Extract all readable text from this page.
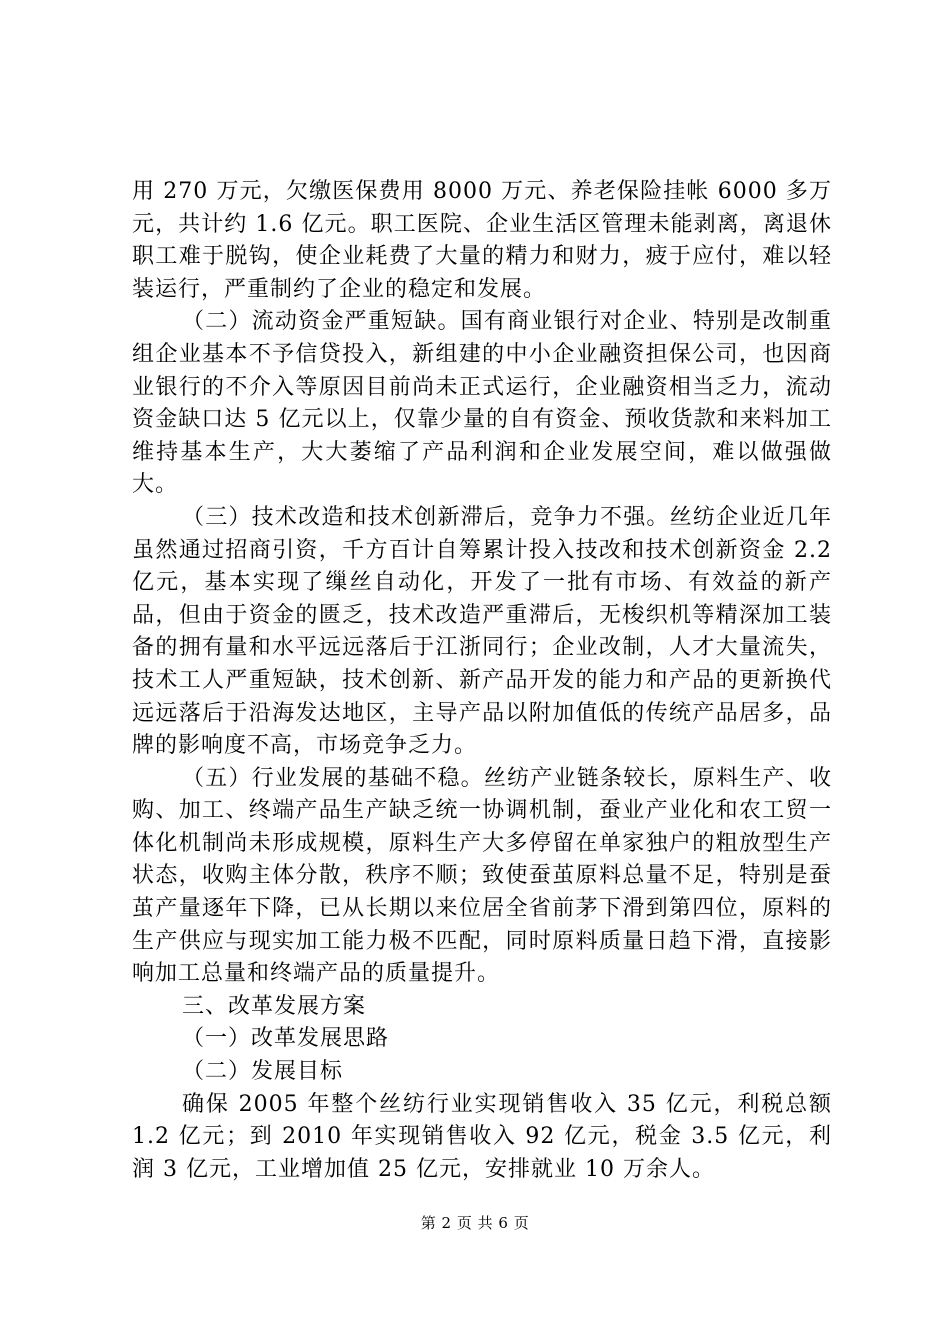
用 270 万元，欠缴医保费用 8000 万元、养老保险挂帐 6000 多万元，共计约 1.6 亿元。职工医院、企业生活区管理未能剥离，离退休职工难于脱钩，使企业耗费了大量的精力和财力，疲于应付，难以轻装运行，严重制约了企业的稳定和发展。

（二）流动资金严重短缺。国有商业银行对企业、特别是改制重组企业基本不予信贷投入，新组建的中小企业融资担保公司，也因商业银行的不介入等原因目前尚未正式运行，企业融资相当乏力，流动资金缺口达 5 亿元以上，仅靠少量的自有资金、预收货款和来料加工维持基本生产，大大萎缩了产品利润和企业发展空间，难以做强做大。

（三）技术改造和技术创新滞后，竞争力不强。丝纺企业近几年虽然通过招商引资，千方百计自筹累计投入技改和技术创新资金 2.2 亿元，基本实现了缫丝自动化，开发了一批有市场、有效益的新产品，但由于资金的匮乏，技术改造严重滞后，无梭织机等精深加工装备的拥有量和水平远远落后于江浙同行；企业改制，人才大量流失，技术工人严重短缺，技术创新、新产品开发的能力和产品的更新换代远远落后于沿海发达地区，主导产品以附加值低的传统产品居多，品牌的影响度不高，市场竞争乏力。

（五）行业发展的基础不稳。丝纺产业链条较长，原料生产、收购、加工、终端产品生产缺乏统一协调机制，蚕业产业化和农工贸一体化机制尚未形成规模，原料生产大多停留在单家独户的粗放型生产状态，收购主体分散，秩序不顺；致使蚕茧原料总量不足，特别是蚕茧产量逐年下降，已从长期以来位居全省前茅下滑到第四位，原料的生产供应与现实加工能力极不匹配，同时原料质量日趋下滑，直接影响加工总量和终端产品的质量提升。

三、改革发展方案

（一）改革发展思路

（二）发展目标

确保 2005 年整个丝纺行业实现销售收入 35 亿元，利税总额 1.2 亿元；到 2010 年实现销售收入 92 亿元，税金 3.5 亿元，利润 3 亿元，工业增加值 25 亿元，安排就业 10 万余人。

第 2 页 共 6 页
